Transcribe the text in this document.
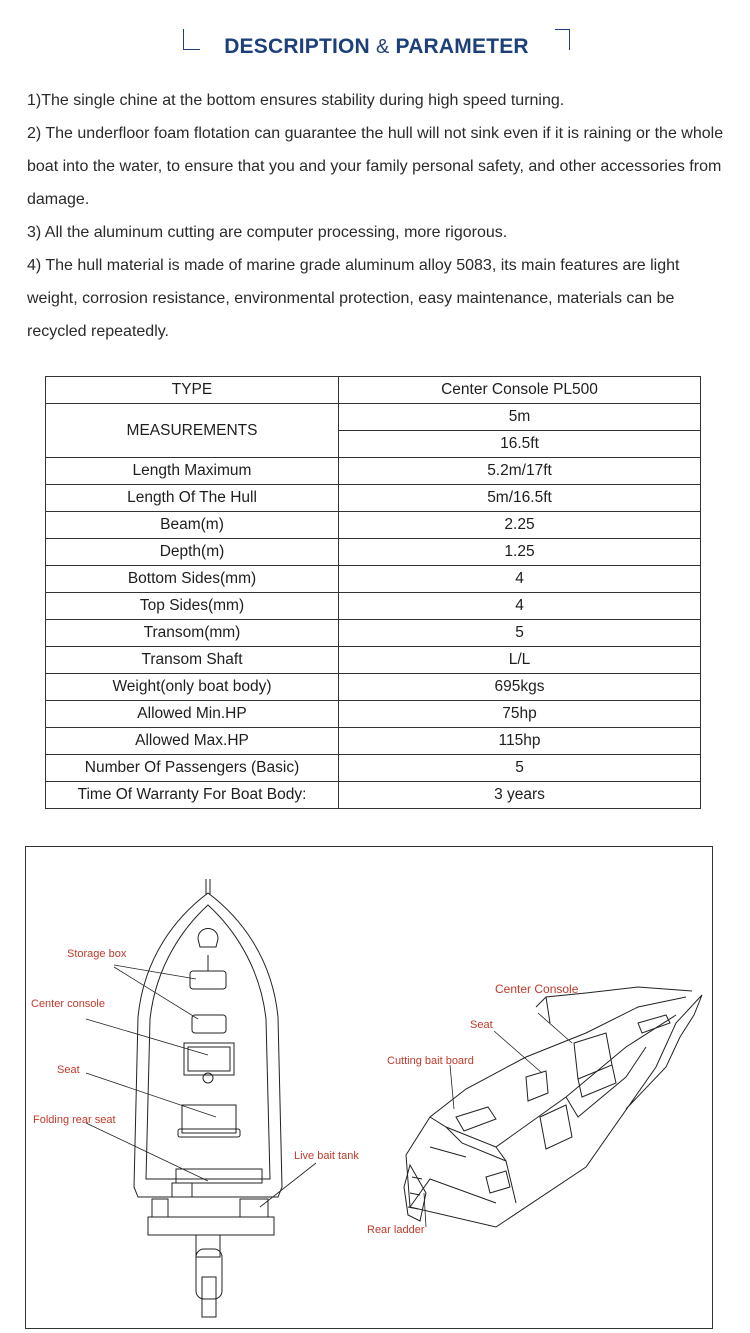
DESCRIPTION & PARAMETER

1)The single chine at the bottom ensures stability during high speed turning.

2) The underfloor foam flotation can guarantee the hull will not sink even if it is raining or the whole boat into the water, to ensure that you and your family personal safety, and other accessories from damage.

3) All the aluminum cutting are computer processing, more rigorous.

4) The hull material is made of marine grade aluminum alloy 5083, its main features are light weight, corrosion resistance, environmental protection, easy maintenance, materials can be recycled repeatedly.

TYPE	Center Console PL500
MEASUREMENTS	5m
	16.5ft
Length Maximum	5.2m/17ft
Length Of The Hull	5m/16.5ft
Beam(m)	2.25
Depth(m)	1.25
Bottom Sides(mm)	4
Top Sides(mm)	4
Transom(mm)	5
Transom Shaft	L/L
Weight(only boat body)	695kgs
Allowed Min.HP	75hp
Allowed Max.HP	115hp
Number Of Passengers (Basic)	5
Time Of Warranty For Boat Body:	3 years
Storage box
Center console
Seat
Folding rear seat
Live bait tank
Center Console
Seat
Cutting bait board
Rear ladder
